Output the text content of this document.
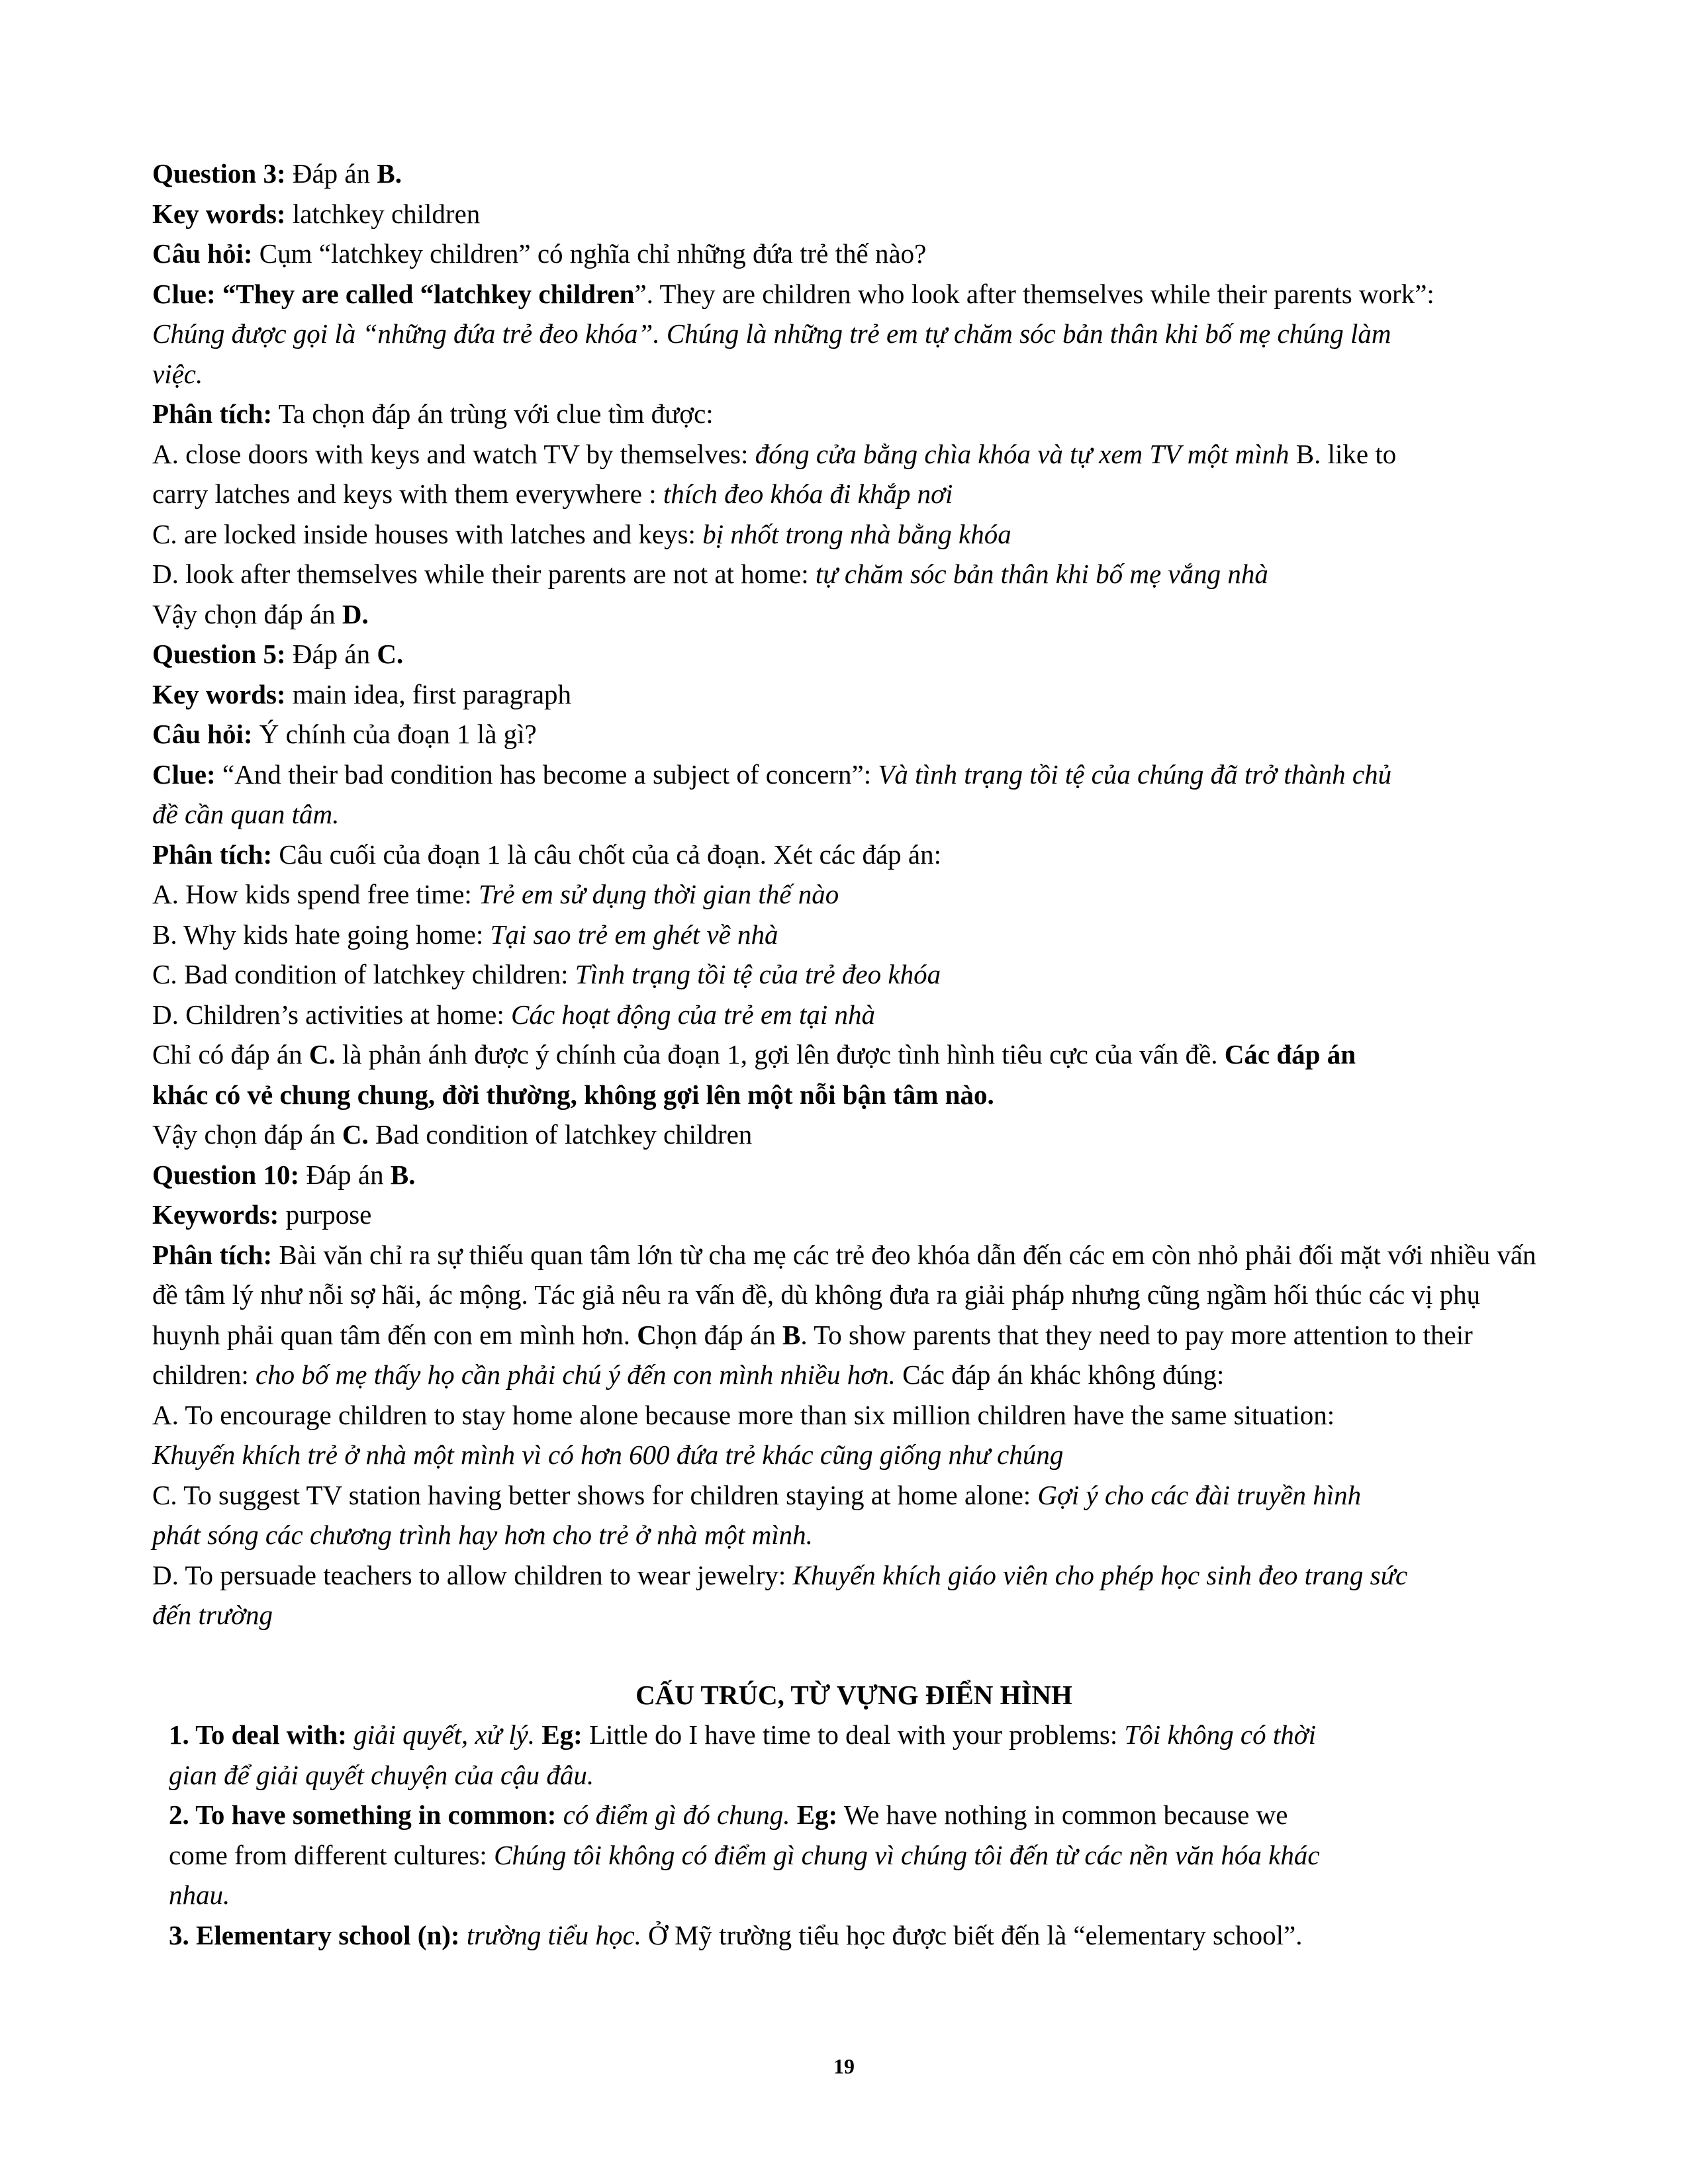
Question 3: Đáp án B.
Key words: latchkey children
Câu hỏi: Cụm “latchkey children” có nghĩa chỉ những đứa trẻ thế nào?
Clue: “They are called “latchkey children”. They are children who look after themselves while their parents work”:
Chúng được gọi là “những đứa trẻ đeo khóa”. Chúng là những trẻ em tự chăm sóc bản thân khi bố mẹ chúng làm
việc.
Phân tích: Ta chọn đáp án trùng với clue tìm được:
A. close doors with keys and watch TV by themselves: đóng cửa bằng chìa khóa và tự xem TV một mình B. like to
carry latches and keys with them everywhere : thích đeo khóa đi khắp nơi
C. are locked inside houses with latches and keys: bị nhốt trong nhà bằng khóa
D. look after themselves while their parents are not at home: tự chăm sóc bản thân khi bố mẹ vắng nhà
Vậy chọn đáp án D.
Question 5: Đáp án C.
Key words: main idea, first paragraph
Câu hỏi: Ý chính của đoạn 1 là gì?
Clue: “And their bad condition has become a subject of concern”: Và tình trạng tồi tệ của chúng đã trở thành chủ
đề cần quan tâm.
Phân tích: Câu cuối của đoạn 1 là câu chốt của cả đoạn. Xét các đáp án:
A. How kids spend free time: Trẻ em sử dụng thời gian thế nào
B. Why kids hate going home: Tại sao trẻ em ghét về nhà
C. Bad condition of latchkey children: Tình trạng tồi tệ của trẻ đeo khóa
D. Children’s activities at home: Các hoạt động của trẻ em tại nhà
Chỉ có đáp án C. là phản ánh được ý chính của đoạn 1, gợi lên được tình hình tiêu cực của vấn đề. Các đáp án
khác có vẻ chung chung, đời thường, không gợi lên một nỗi bận tâm nào.
Vậy chọn đáp án C. Bad condition of latchkey children
Question 10: Đáp án B.
Keywords: purpose
Phân tích: Bài văn chỉ ra sự thiếu quan tâm lớn từ cha mẹ các trẻ đeo khóa dẫn đến các em còn nhỏ phải đối mặt với nhiều vấn đề tâm lý như nỗi sợ hãi, ác mộng. Tác giả nêu ra vấn đề, dù không đưa ra giải pháp nhưng cũng ngầm hối thúc các vị phụ huynh phải quan tâm đến con em mình hơn. Chọn đáp án B. To show parents that they need to pay more attention to their children: cho bố mẹ thấy họ cần phải chú ý đến con mình nhiều hơn. Các đáp án khác không đúng:
A. To encourage children to stay home alone because more than six million children have the same situation:
Khuyến khích trẻ ở nhà một mình vì có hơn 600 đứa trẻ khác cũng giống như chúng
C. To suggest TV station having better shows for children staying at home alone: Gợi ý cho các đài truyền hình
phát sóng các chương trình hay hơn cho trẻ ở nhà một mình.
D. To persuade teachers to allow children to wear jewelry: Khuyến khích giáo viên cho phép học sinh đeo trang sức
đến trường
CẤU TRÚC, TỪ VỰNG ĐIỂN HÌNH
1. To deal with: giải quyết, xử lý. Eg: Little do I have time to deal with your problems: Tôi không có thời
gian để giải quyết chuyện của cậu đâu.
2. To have something in common: có điểm gì đó chung. Eg: We have nothing in common because we
come from different cultures: Chúng tôi không có điểm gì chung vì chúng tôi đến từ các nền văn hóa khác
nhau.
3. Elementary school (n): trường tiểu học. Ở Mỹ trường tiểu học được biết đến là “elementary school”.
19
